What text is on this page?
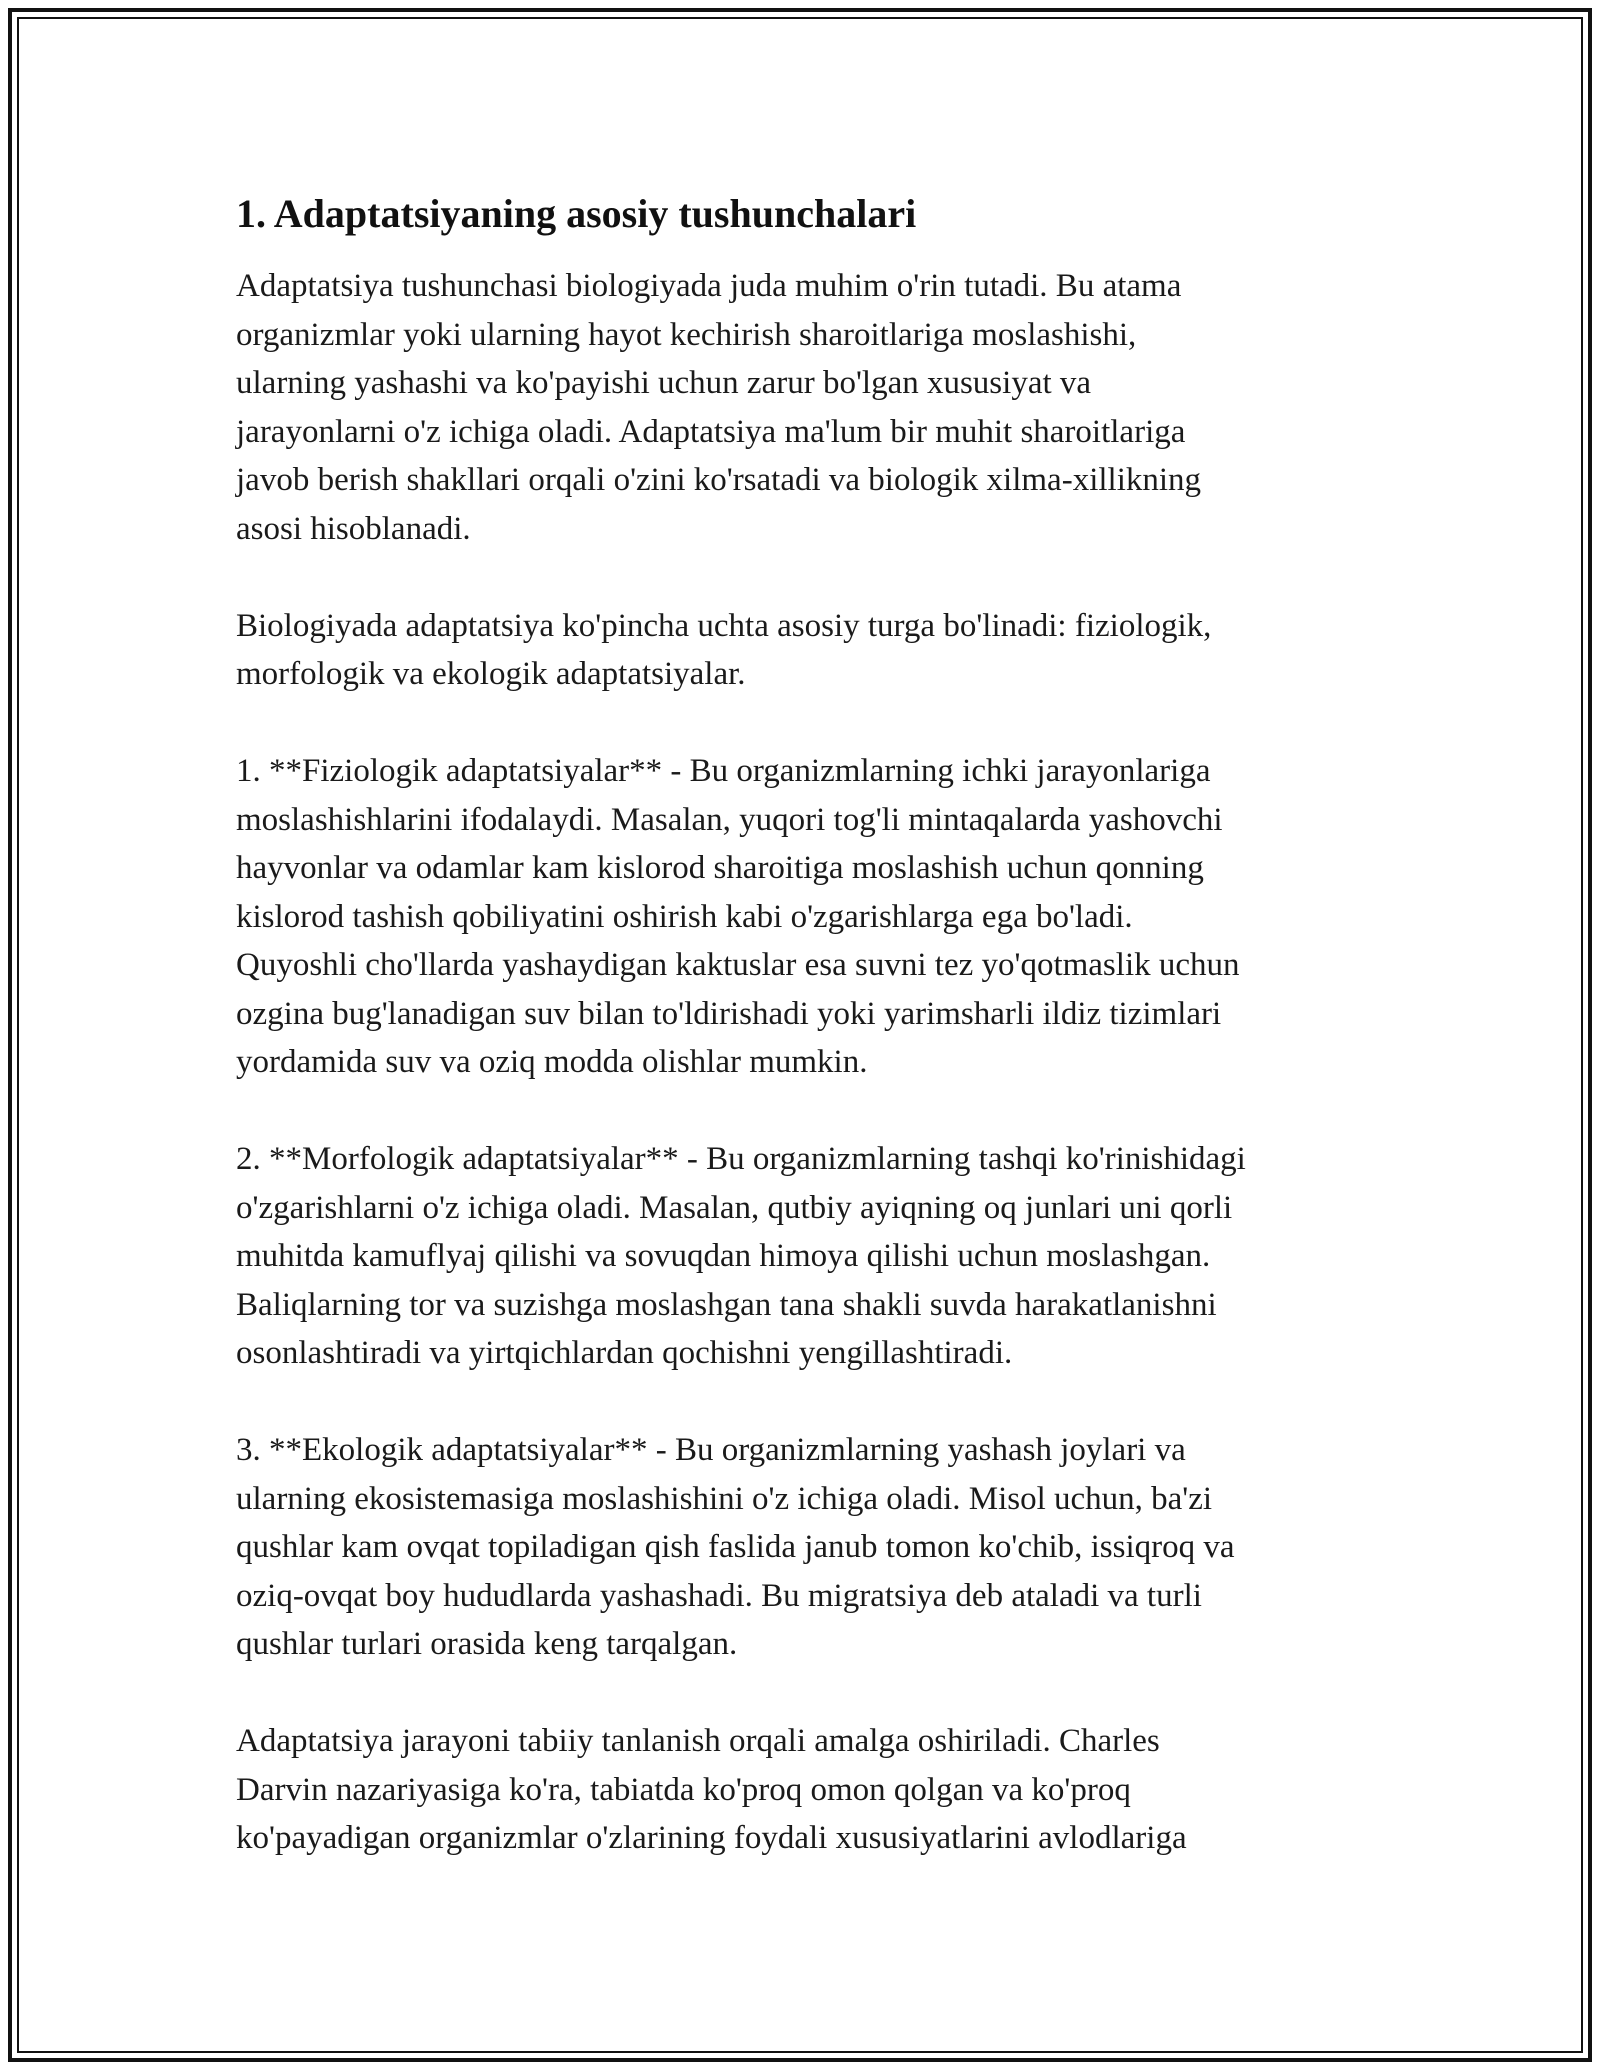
1. Adaptatsiyaning asosiy tushunchalari

Adaptatsiya tushunchasi biologiyada juda muhim o'rin tutadi. Bu atama
organizmlar yoki ularning hayot kechirish sharoitlariga moslashishi,
ularning yashashi va ko'payishi uchun zarur bo'lgan xususiyat va
jarayonlarni o'z ichiga oladi. Adaptatsiya ma'lum bir muhit sharoitlariga
javob berish shakllari orqali o'zini ko'rsatadi va biologik xilma-xillikning
asosi hisoblanadi.

Biologiyada adaptatsiya ko'pincha uchta asosiy turga bo'linadi: fiziologik,
morfologik va ekologik adaptatsiyalar.

1. **Fiziologik adaptatsiyalar** - Bu organizmlarning ichki jarayonlariga
moslashishlarini ifodalaydi. Masalan, yuqori tog'li mintaqalarda yashovchi
hayvonlar va odamlar kam kislorod sharoitiga moslashish uchun qonning
kislorod tashish qobiliyatini oshirish kabi o'zgarishlarga ega bo'ladi.
Quyoshli cho'llarda yashaydigan kaktuslar esa suvni tez yo'qotmaslik uchun
ozgina bug'lanadigan suv bilan to'ldirishadi yoki yarimsharli ildiz tizimlari
yordamida suv va oziq modda olishlar mumkin.

2. **Morfologik adaptatsiyalar** - Bu organizmlarning tashqi ko'rinishidagi
o'zgarishlarni o'z ichiga oladi. Masalan, qutbiy ayiqning oq junlari uni qorli
muhitda kamuflyaj qilishi va sovuqdan himoya qilishi uchun moslashgan.
Baliqlarning tor va suzishga moslashgan tana shakli suvda harakatlanishni
osonlashtiradi va yirtqichlardan qochishni yengillashtiradi.

3. **Ekologik adaptatsiyalar** - Bu organizmlarning yashash joylari va
ularning ekosistemasiga moslashishini o'z ichiga oladi. Misol uchun, ba'zi
qushlar kam ovqat topiladigan qish faslida janub tomon ko'chib, issiqroq va
oziq-ovqat boy hududlarda yashashadi. Bu migratsiya deb ataladi va turli
qushlar turlari orasida keng tarqalgan.

Adaptatsiya jarayoni tabiiy tanlanish orqali amalga oshiriladi. Charles
Darvin nazariyasiga ko'ra, tabiatda ko'proq omon qolgan va ko'proq
ko'payadigan organizmlar o'zlarining foydali xususiyatlarini avlodlariga
